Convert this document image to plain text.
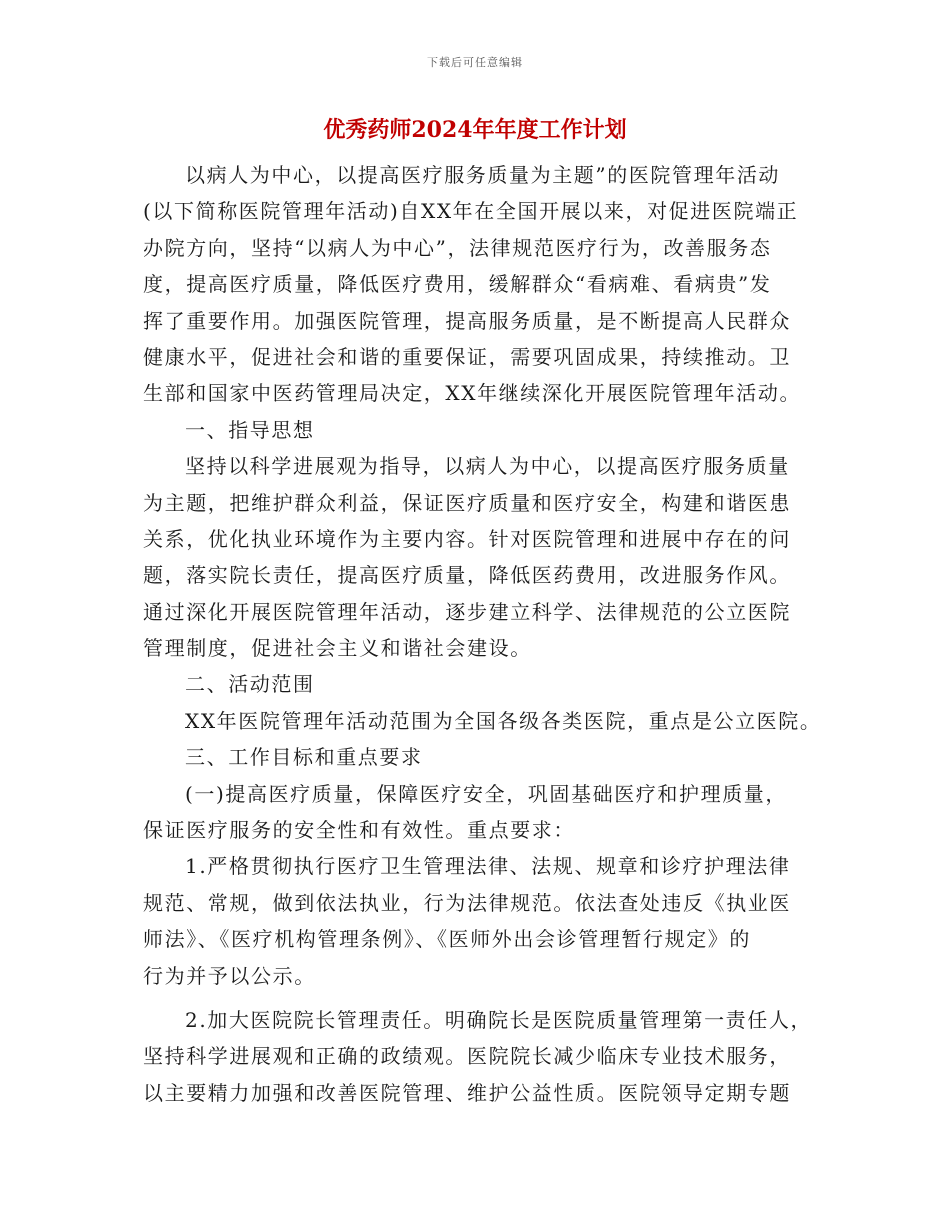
下载后可任意编辑
优秀药师2024年年度工作计划
以病人为中心，以提高医疗服务质量为主题”的医院管理年活动
(以下简称医院管理年活动)自XX年在全国开展以来，对促进医院端正
办院方向，坚持“以病人为中心”，法律规范医疗行为，改善服务态
度，提高医疗质量，降低医疗费用，缓解群众“看病难、看病贵”发
挥了重要作用。加强医院管理，提高服务质量，是不断提高人民群众
健康水平，促进社会和谐的重要保证，需要巩固成果，持续推动。卫
生部和国家中医药管理局决定，XX年继续深化开展医院管理年活动。
一、指导思想
坚持以科学进展观为指导，以病人为中心，以提高医疗服务质量
为主题，把维护群众利益，保证医疗质量和医疗安全，构建和谐医患
关系，优化执业环境作为主要内容。针对医院管理和进展中存在的问
题，落实院长责任，提高医疗质量，降低医药费用，改进服务作风。
通过深化开展医院管理年活动，逐步建立科学、法律规范的公立医院
管理制度，促进社会主义和谐社会建设。
二、活动范围
XX年医院管理年活动范围为全国各级各类医院，重点是公立医院。
三、工作目标和重点要求
(一)提高医疗质量，保障医疗安全，巩固基础医疗和护理质量，
保证医疗服务的安全性和有效性。重点要求：
1.严格贯彻执行医疗卫生管理法律、法规、规章和诊疗护理法律
规范、常规，做到依法执业，行为法律规范。依法查处违反《执业医
师法》、《医疗机构管理条例》、《医师外出会诊管理暂行规定》的
行为并予以公示。
2.加大医院院长管理责任。明确院长是医院质量管理第一责任人，
坚持科学进展观和正确的政绩观。医院院长减少临床专业技术服务，
以主要精力加强和改善医院管理、维护公益性质。医院领导定期专题
